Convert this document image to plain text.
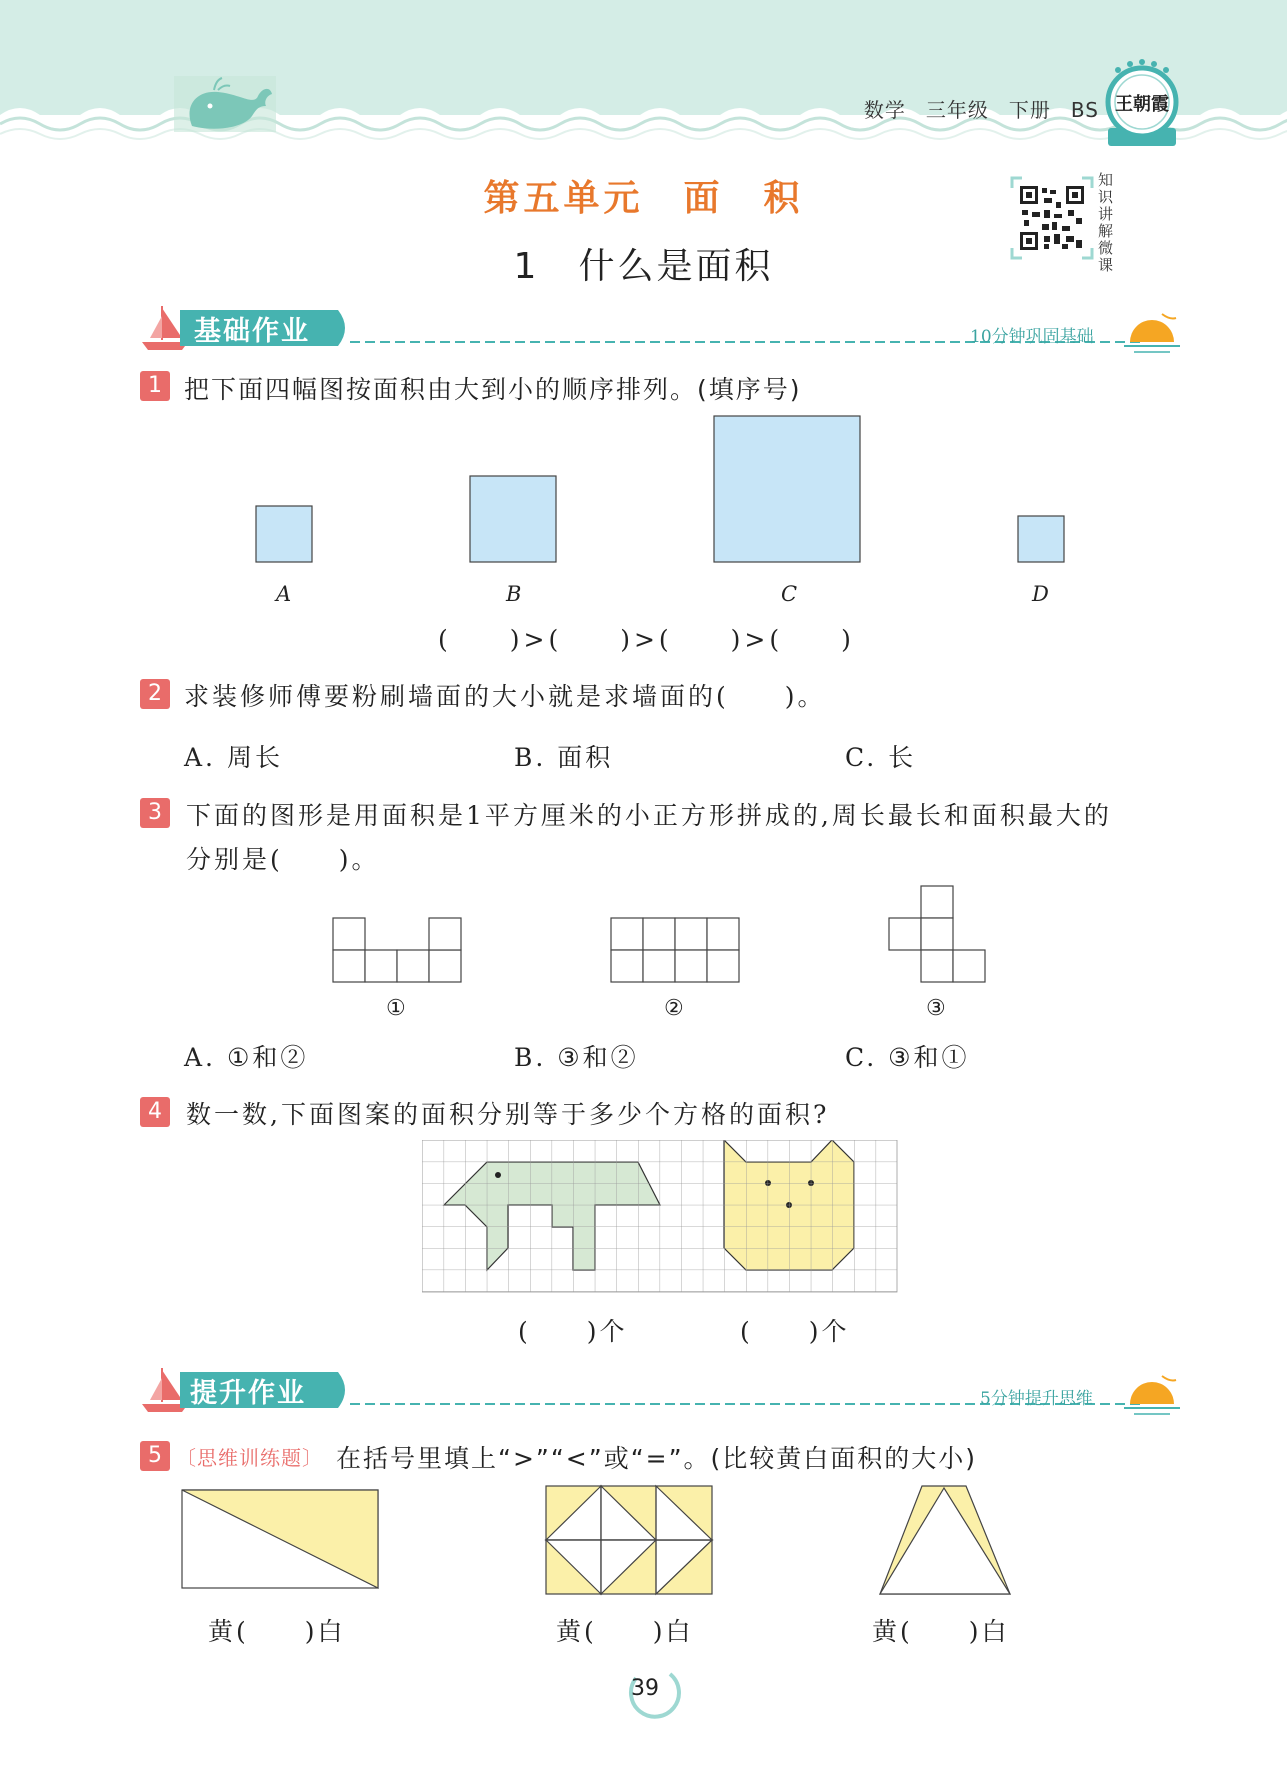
数学 三年级 下册 BS 王朝霞
第五单元　面　积
1　什么是面积
知识讲解微课
基础作业	10分钟巩固基础
1 把下面四幅图按面积由大到小的顺序排列。(填序号)
A	B	C	D
(　　)>(　　)>(　　)>(　　)
2 求装修师傅要粉刷墙面的大小就是求墙面的(　　)。
A. 周长	B. 面积	C. 长
3 下面的图形是用面积是1平方厘米的小正方形拼成的,周长最长和面积最大的
分别是(　　)。
①	②	③
A. ①和②	B. ③和②	C. ③和①
4 数一数,下面图案的面积分别等于多少个方格的面积?
(　　)个	(　　)个
提升作业	5分钟提升思维
5 〔思维训练题〕 在括号里填上“>”“<”或“=”。(比较黄白面积的大小)
黄(　　)白	黄(　　)白	黄(　　)白
39
